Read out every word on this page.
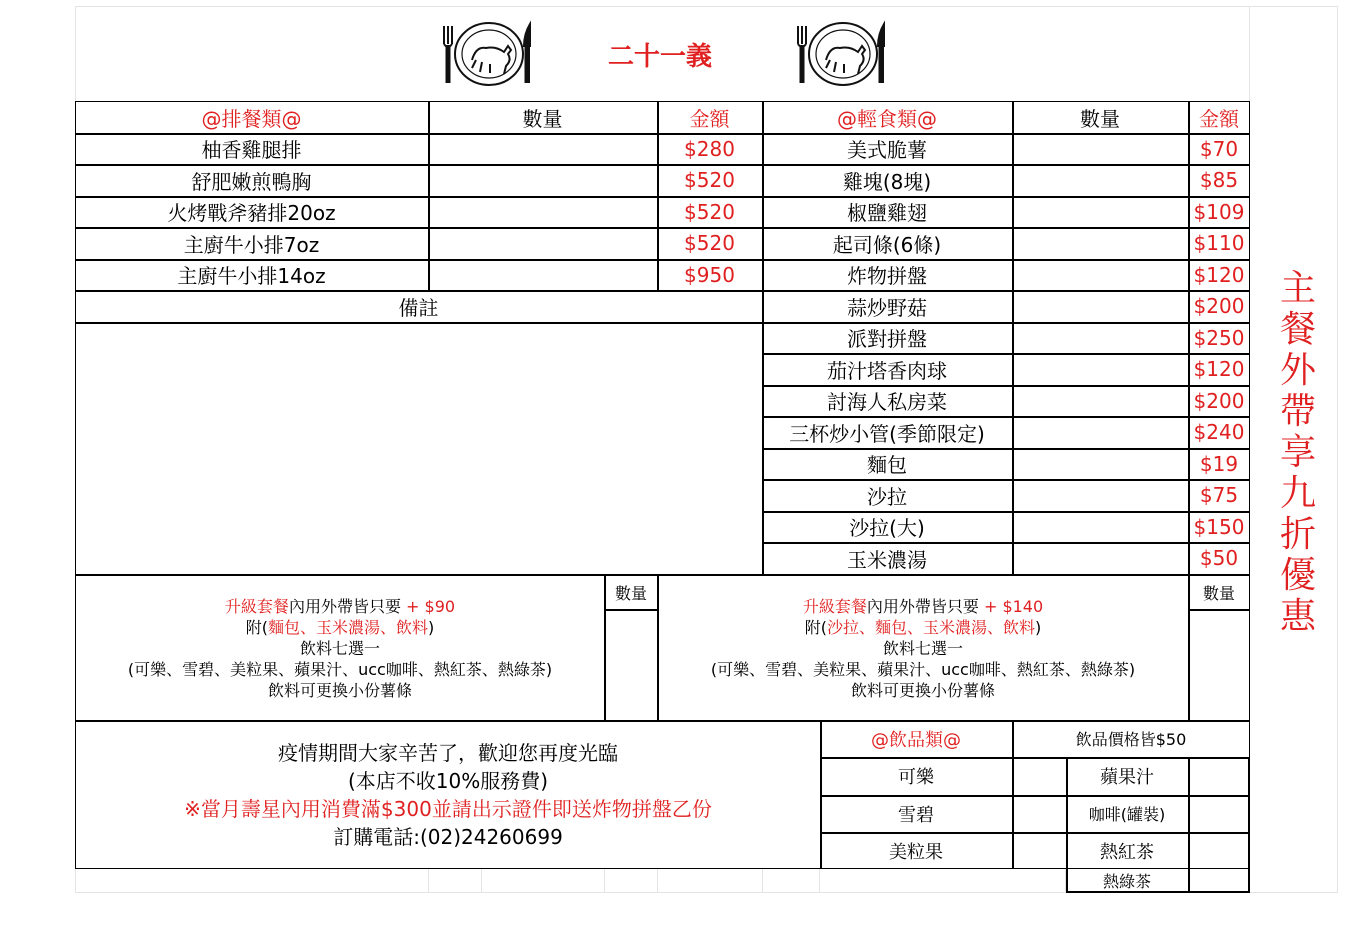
二十一義
@排餐類@	數量	金額
柚香雞腿排	$280
舒肥嫩煎鴨胸	$520
火烤戰斧豬排20oz	$520
主廚牛小排7oz	$520
主廚牛小排14oz	$950
備註
@輕食類@	數量	金額
美式脆薯	$70
雞塊(8塊)	$85
椒鹽雞翅	$109
起司條(6條)	$110
炸物拼盤	$120
蒜炒野菇	$200
派對拼盤	$250
茄汁塔香肉球	$120
討海人私房菜	$200
三杯炒小管(季節限定)	$240
麵包	$19
沙拉	$75
沙拉(大)	$150
玉米濃湯	$50
升級套餐內用外帶皆只要 + $90
附(麵包、玉米濃湯、飲料)
飲料七選一
(可樂、雪碧、美粒果、蘋果汁、ucc咖啡、熱紅茶、熱綠茶)
飲料可更換小份薯條
數量
升級套餐內用外帶皆只要 + $140
附(沙拉、麵包、玉米濃湯、飲料)
飲料七選一
(可樂、雪碧、美粒果、蘋果汁、ucc咖啡、熱紅茶、熱綠茶)
飲料可更換小份薯條
數量
疫情期間大家辛苦了，歡迎您再度光臨
(本店不收10%服務費)
※當月壽星內用消費滿$300並請出示證件即送炸物拼盤乙份
訂購電話:(02)24260699
@飲品類@	飲品價格皆$50
可樂
雪碧
美粒果
蘋果汁
咖啡(罐裝)
熱紅茶
熱綠茶
主餐外帶享九折優惠
